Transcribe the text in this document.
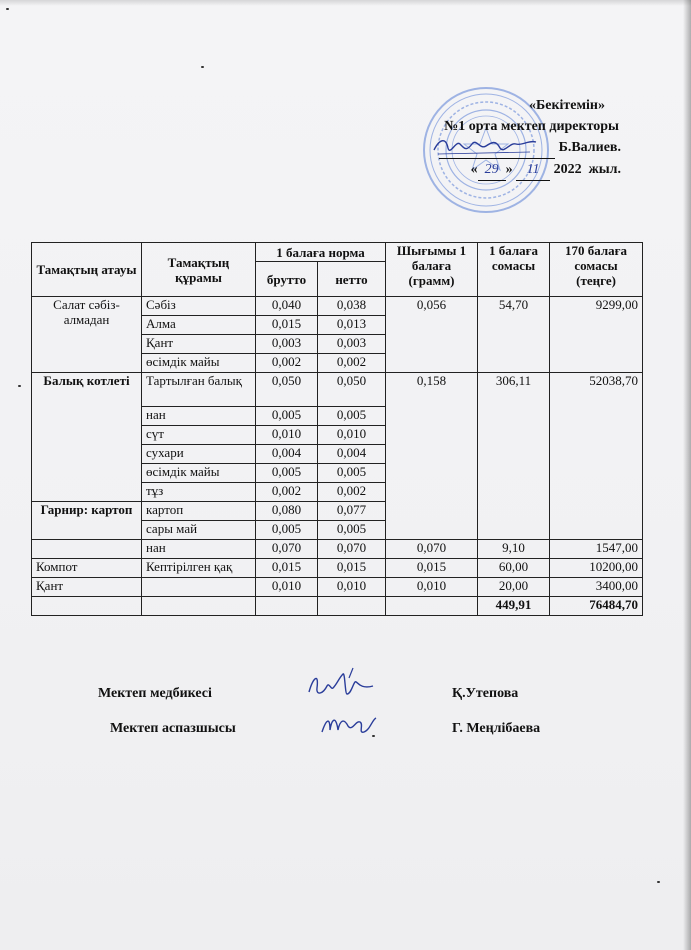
«Бекітемін»
№1 орта мектеп директоры
Б.Валиев.
« 29 » 11 2022 жыл.
Тамақтың атауы	Тамақтың құрамы	1 балаға норма		Шығымы 1 балаға (грамм)	1 балаға сомасы	170 балаға сомасы (теңге)
		брутто	нетто			
Салат сәбіз-алмадан	Сәбіз	0,040	0,038	0,056	54,70	9299,00
	Алма	0,015	0,013			
	Қант	0,003	0,003			
	өсімдік майы	0,002	0,002			
Балық котлеті	Тартылған балық	0,050	0,050	0,158	306,11	52038,70
	нан	0,005	0,005			
	сүт	0,010	0,010			
	сухари	0,004	0,004			
	өсімдік майы	0,005	0,005			
	тұз	0,002	0,002			
Гарнир: картоп	картоп	0,080	0,077			
	сары май	0,005	0,005			
	нан	0,070	0,070	0,070	9,10	1547,00
Компот	Кептірілген қақ	0,015	0,015	0,015	60,00	10200,00
Қант		0,010	0,010	0,010	20,00	3400,00
					449,91	76484,70
Мектеп медбикесі	Қ.Утепова
Мектеп аспазшысы	Г. Меңлібаева
